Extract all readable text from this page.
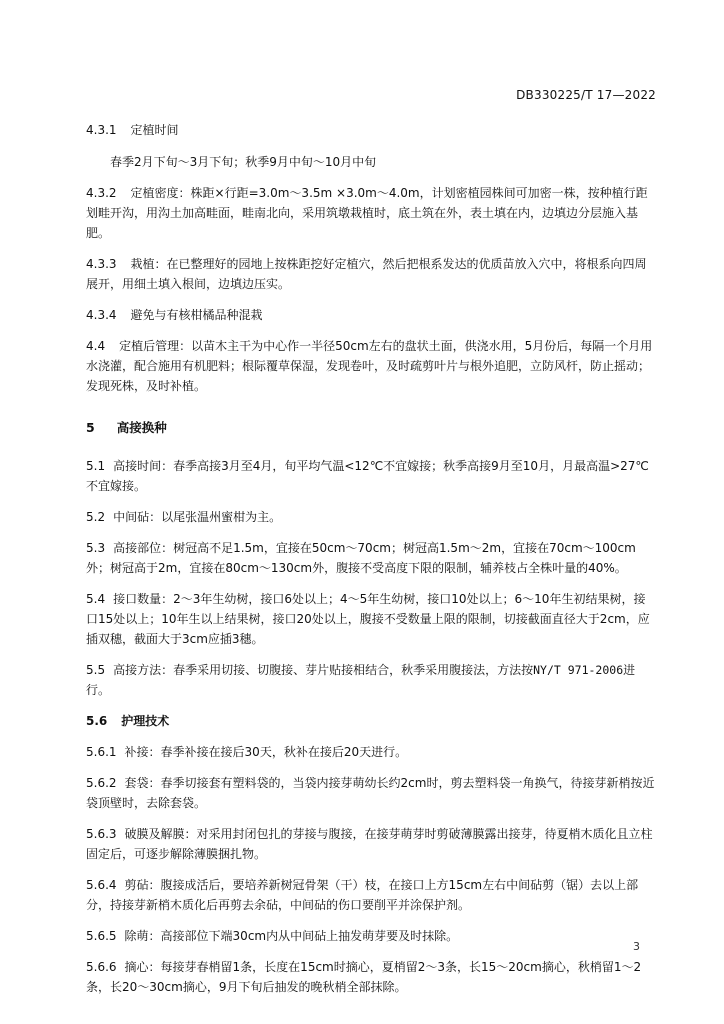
DB330225/T 17—2022

4.3.1 定植时间

春季2月下旬～3月下旬；秋季9月中旬～10月中旬

4.3.2 定植密度：株距×行距=3.0m～3.5m ×3.0m～4.0m，计划密植园株间可加密一株，按种植行距划畦开沟，用沟土加高畦面，畦南北向，采用筑墩栽植时，底土筑在外，表土填在内，边填边分层施入基肥。

4.3.3 栽植：在已整理好的园地上按株距挖好定植穴，然后把根系发达的优质苗放入穴中，将根系向四周展开，用细土填入根间，边填边压实。

4.3.4 避免与有核柑橘品种混栽

4.4 定植后管理：以苗木主干为中心作一半径50cm左右的盘状土面，供浇水用，5月份后，每隔一个月用水浇灌，配合施用有机肥料；根际覆草保湿，发现卷叶，及时疏剪叶片与根外追肥，立防风杆，防止摇动；发现死株，及时补植。

5 高接换种

5.1 高接时间：春季高接3月至4月，旬平均气温<12℃不宜嫁接；秋季高接9月至10月，月最高温>27℃不宜嫁接。

5.2 中间砧：以尾张温州蜜柑为主。

5.3 高接部位：树冠高不足1.5m，宜接在50cm～70cm；树冠高1.5m～2m，宜接在70cm～100cm外；树冠高于2m，宜接在80cm～130cm外，腹接不受高度下限的限制，辅养枝占全株叶量的40%。

5.4 接口数量：2～3年生幼树，接口6处以上；4～5年生幼树，接口10处以上；6～10年生初结果树，接口15处以上；10年生以上结果树，接口20处以上，腹接不受数量上限的限制，切接截面直径大于2cm，应插双穗，截面大于3cm应插3穗。

5.5 高接方法：春季采用切接、切腹接、芽片贴接相结合，秋季采用腹接法，方法按NY/T 971-2006进行。

5.6 护理技术

5.6.1 补接：春季补接在接后30天，秋补在接后20天进行。

5.6.2 套袋：春季切接套有塑料袋的，当袋内接芽萌幼长约2cm时，剪去塑料袋一角换气，待接芽新梢按近袋顶壁时，去除套袋。

5.6.3 破膜及解膜：对采用封闭包扎的芽接与腹接，在接芽萌芽时剪破薄膜露出接芽，待夏梢木质化且立柱固定后，可逐步解除薄膜捆扎物。

5.6.4 剪砧：腹接成活后，要培养新树冠骨架（干）枝，在接口上方15cm左右中间砧剪（锯）去以上部分，持接芽新梢木质化后再剪去余砧，中间砧的伤口要削平并涂保护剂。

5.6.5 除萌：高接部位下端30cm内从中间砧上抽发萌芽要及时抹除。

5.6.6 摘心：每接芽春梢留1条，长度在15cm时摘心，夏梢留2～3条，长15～20cm摘心，秋梢留1～2条，长20～30cm摘心，9月下旬后抽发的晚秋梢全部抹除。

3
